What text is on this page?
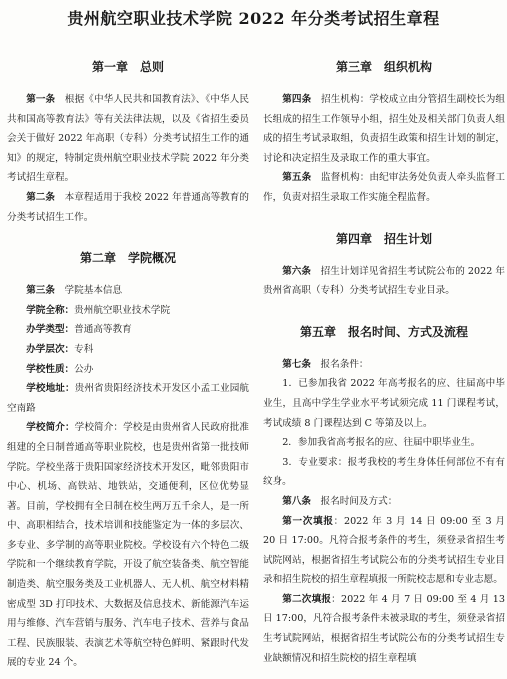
贵州航空职业技术学院 2022 年分类考试招生章程
第一章　总则

第一条　根据《中华人民共和国教育法》、《中华人民共和国高等教育法》等有关法律法规，以及《省招生委员会关于做好 2022 年高职（专科）分类考试招生工作的通知》的规定，特制定贵州航空职业技术学院 2022 年分类考试招生章程。

第二条　本章程适用于我校 2022 年普通高等教育的分类考试招生工作。

第二章　学院概况

第三条　学院基本信息

学院全称：贵州航空职业技术学院

办学类型：普通高等教育

办学层次：专科

学校性质：公办

学校地址：贵州省贵阳经济技术开发区小孟工业园航空南路

学校简介：学校简介：学校是由贵州省人民政府批准组建的全日制普通高等职业院校，也是贵州省第一批技师学院。学校坐落于贵阳国家经济技术开发区，毗邻贵阳市中心、机场、高铁站、地铁站，交通便利，区位优势显著。目前，学校拥有全日制在校生两万五千余人，是一所中、高职相结合，技术培训和技能鉴定为一体的多层次、多专业、多学制的高等职业院校。学校设有六个特色二级学院和一个继续教育学院，开设了航空装备类、航空智能制造类、航空服务类及工业机器人、无人机、航空材料精密成型 3D 打印技术、大数据及信息技术、新能源汽车运用与维修、汽车营销与服务、汽车电子技术、营养与食品工程、民族服装、表演艺术等航空特色鲜明、紧跟时代发展的专业 24 个。

第三章　组织机构

第四条　招生机构：学校成立由分管招生副校长为组长组成的招生工作领导小组，招生处及相关部门负责人组成的招生考试录取组，负责招生政策和招生计划的制定，讨论和决定招生及录取工作的重大事宜。

第五条　监督机构：由纪审法务处负责人牵头监督工作，负责对招生录取工作实施全程监督。

第四章　招生计划

第六条　招生计划详见省招生考试院公布的 2022 年贵州省高职（专科）分类考试招生专业目录。

第五章　报名时间、方式及流程

第七条　报名条件：

1．已参加我省 2022 年高考报名的应、往届高中毕业生，且高中学生学业水平考试须完成 11 门课程考试，考试成绩 8 门课程达到 C 等第及以上。

2．参加我省高考报名的应、往届中职毕业生。

3．专业要求：报考我校的考生身体任何部位不有有纹身。

第八条　报名时间及方式：

第一次填报：2022 年 3 月 14 日 09:00 至 3 月 20 日 17:00。凡符合报考条件的考生，须登录省招生考试院网站，根据省招生考试院公布的分类考试招生专业目录和招生院校的招生章程填报一所院校志愿和专业志愿。

第二次填报：2022 年 4 月 7 日 09:00 至 4 月 13 日 17:00，凡符合报考条件未被录取的考生，须登录省招生考试院网站，根据省招生考试院公布的分类考试招生专业缺额情况和招生院校的招生章程填
